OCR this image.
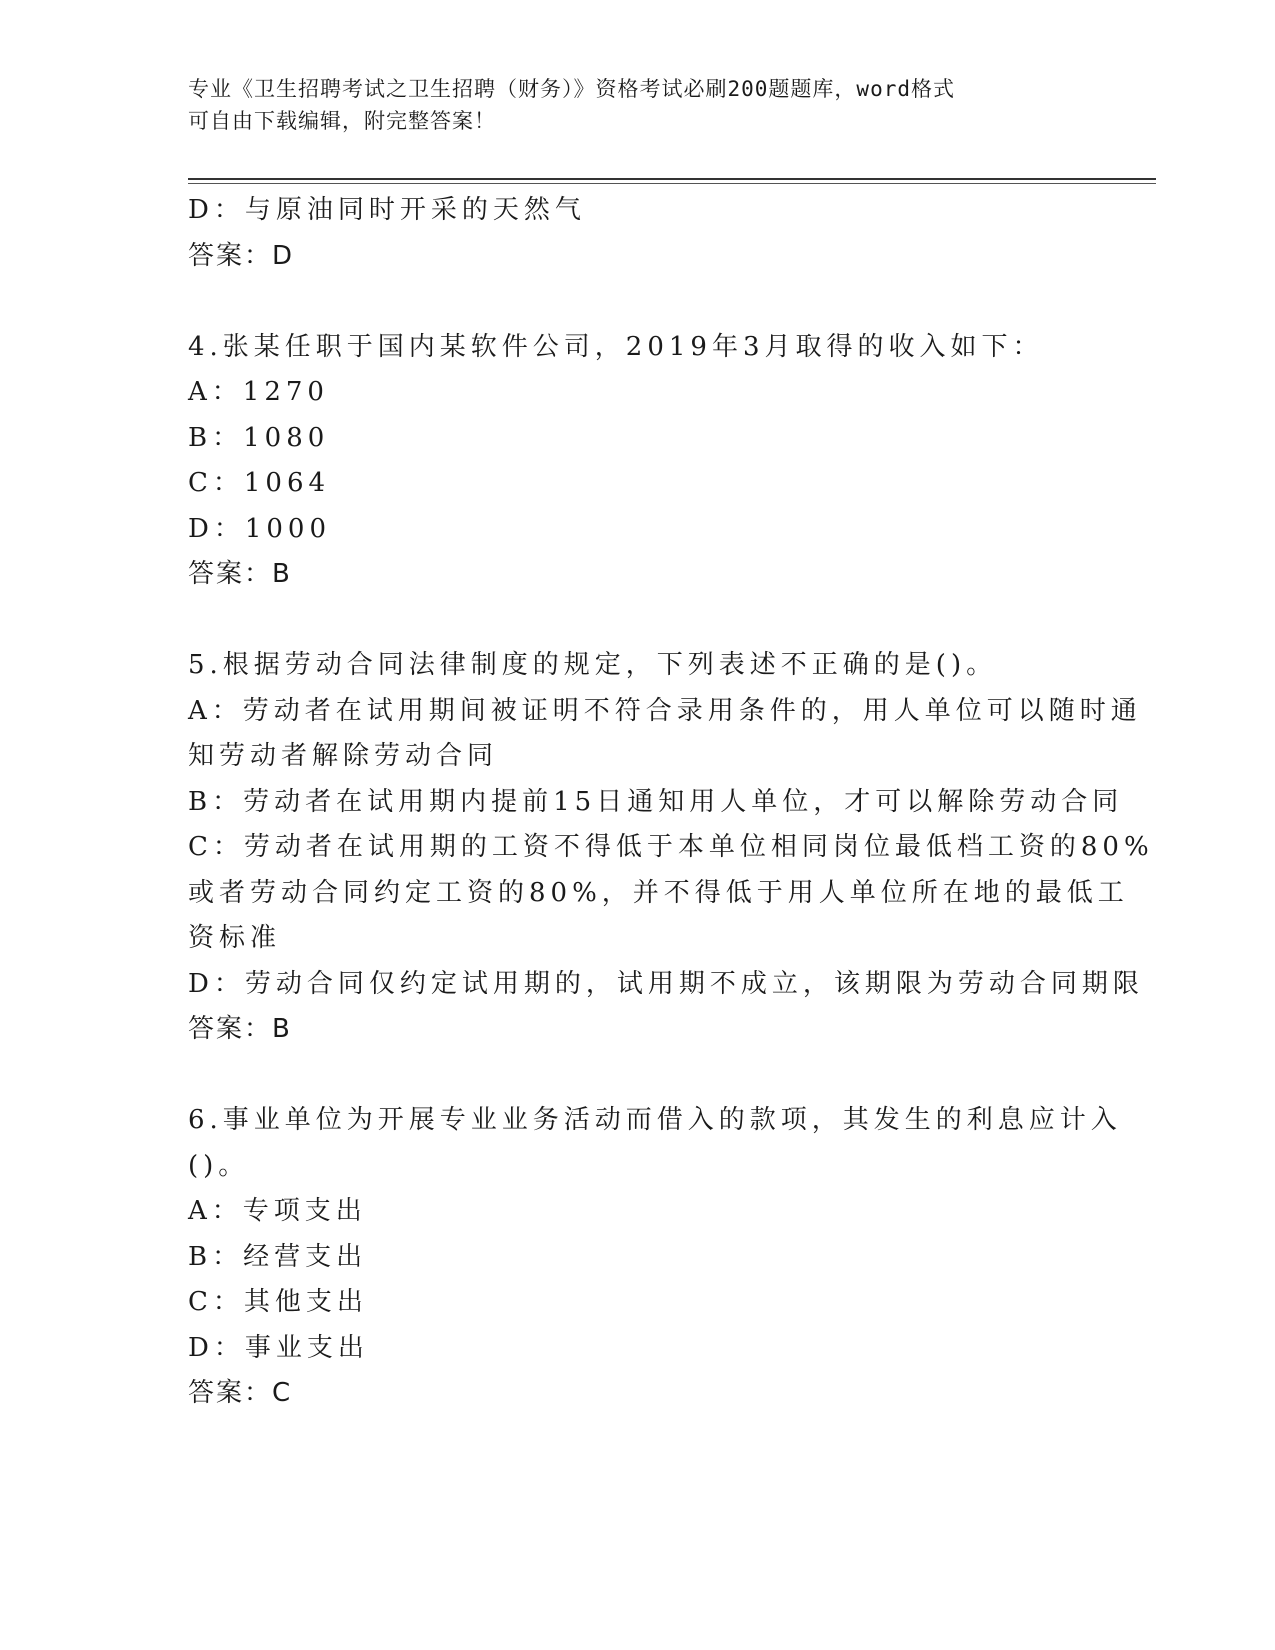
专业《卫生招聘考试之卫生招聘（财务）》资格考试必刷200题题库，word格式
可自由下载编辑，附完整答案！

D：与原油同时开采的天然气

答案：D

4.张某任职于国内某软件公司，2019年3月取得的收入如下：

A：1270

B：1080

C：1064

D：1000

答案：B

5.根据劳动合同法律制度的规定，下列表述不正确的是()。

A：劳动者在试用期间被证明不符合录用条件的，用人单位可以随时通

知劳动者解除劳动合同

B：劳动者在试用期内提前15日通知用人单位，才可以解除劳动合同

C：劳动者在试用期的工资不得低于本单位相同岗位最低档工资的80%

或者劳动合同约定工资的80%，并不得低于用人单位所在地的最低工

资标准

D：劳动合同仅约定试用期的，试用期不成立，该期限为劳动合同期限

答案：B

6.事业单位为开展专业业务活动而借入的款项，其发生的利息应计入

()。

A：专项支出

B：经营支出

C：其他支出

D：事业支出

答案：C
